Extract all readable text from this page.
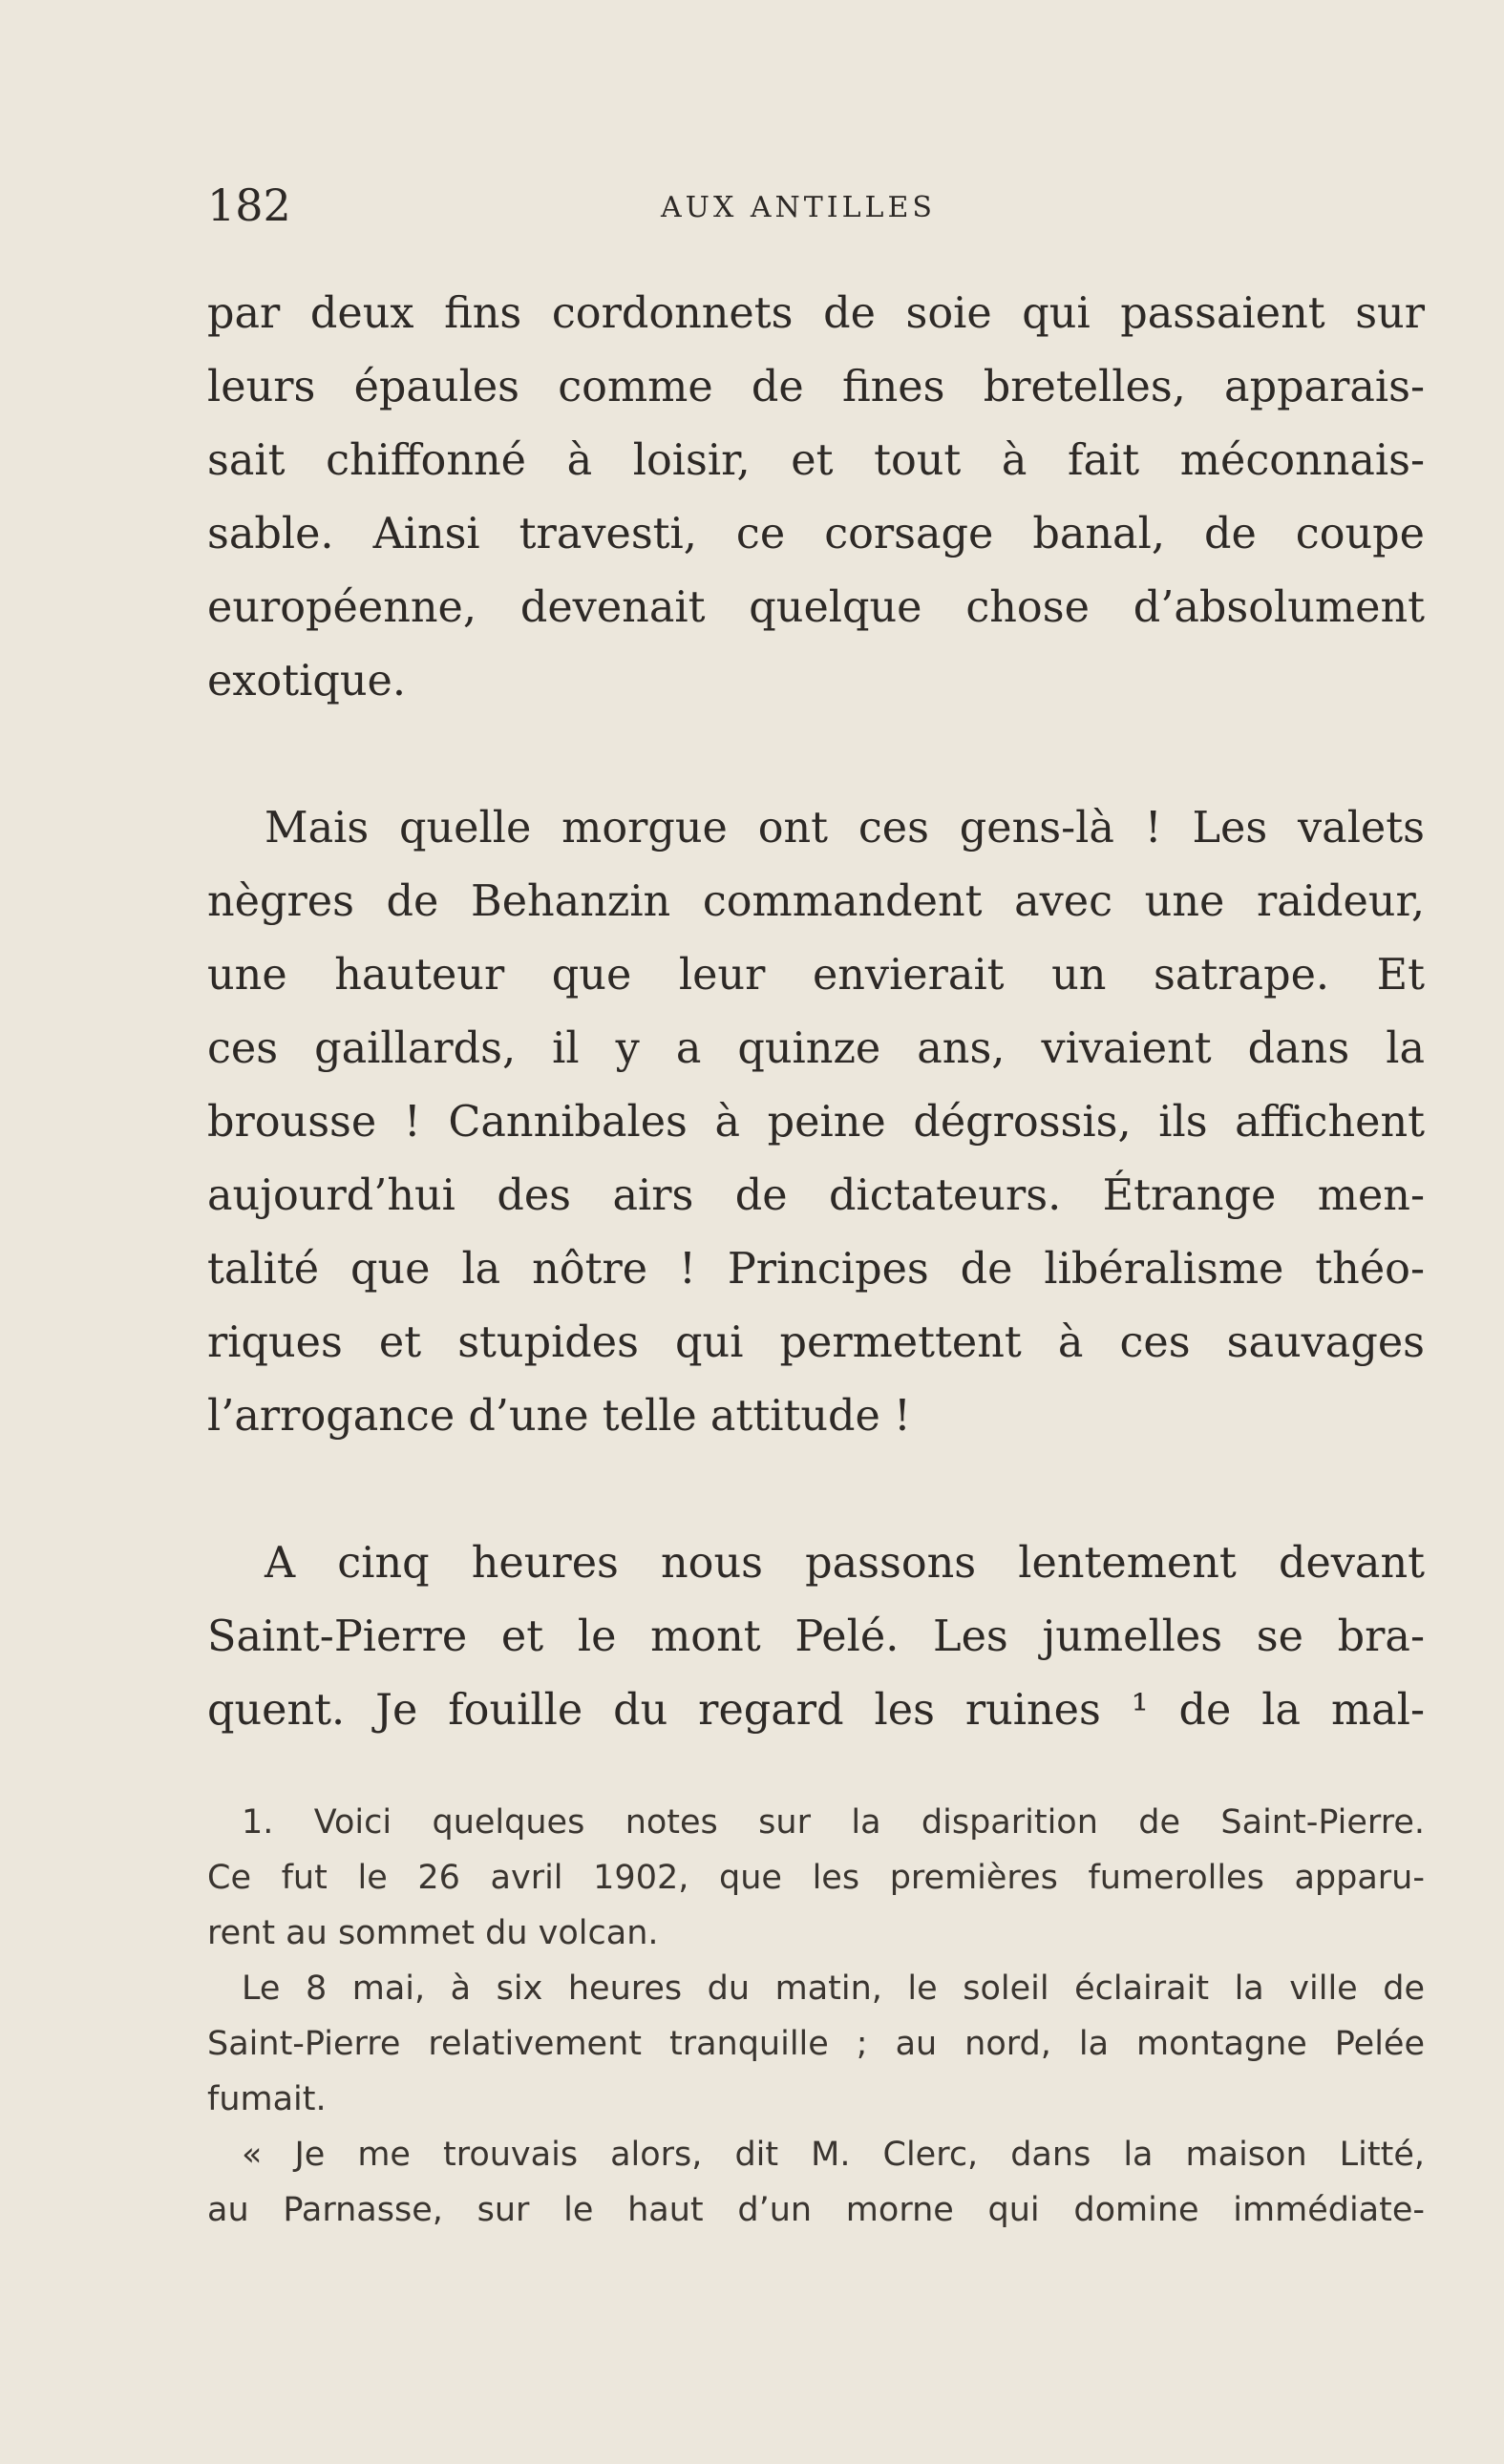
182	AUX ANTILLES
par deux fins cordonnets de soie qui passaient sur
leurs épaules comme de fines bretelles, apparais-
sait chiffonné à loisir, et tout à fait méconnais-
sable. Ainsi travesti, ce corsage banal, de coupe
européenne, devenait quelque chose d’absolument
exotique.
Mais quelle morgue ont ces gens-là ! Les valets
nègres de Behanzin commandent avec une raideur,
une hauteur que leur envierait un satrape. Et
ces gaillards, il y a quinze ans, vivaient dans la
brousse ! Cannibales à peine dégrossis, ils affichent
aujourd’hui des airs de dictateurs. Étrange men-
talité que la nôtre ! Principes de libéralisme théo-
riques et stupides qui permettent à ces sauvages
l’arrogance d’une telle attitude !
A cinq heures nous passons lentement devant
Saint-Pierre et le mont Pelé. Les jumelles se bra-
quent. Je fouille du regard les ruines ¹ de la mal-
1. Voici quelques notes sur la disparition de Saint-Pierre.
Ce fut le 26 avril 1902, que les premières fumerolles apparu-
rent au sommet du volcan.
Le 8 mai, à six heures du matin, le soleil éclairait la ville de
Saint-Pierre relativement tranquille ; au nord, la montagne Pelée
fumait.
« Je me trouvais alors, dit M. Clerc, dans la maison Litté,
au Parnasse, sur le haut d’un morne qui domine immédiate-
